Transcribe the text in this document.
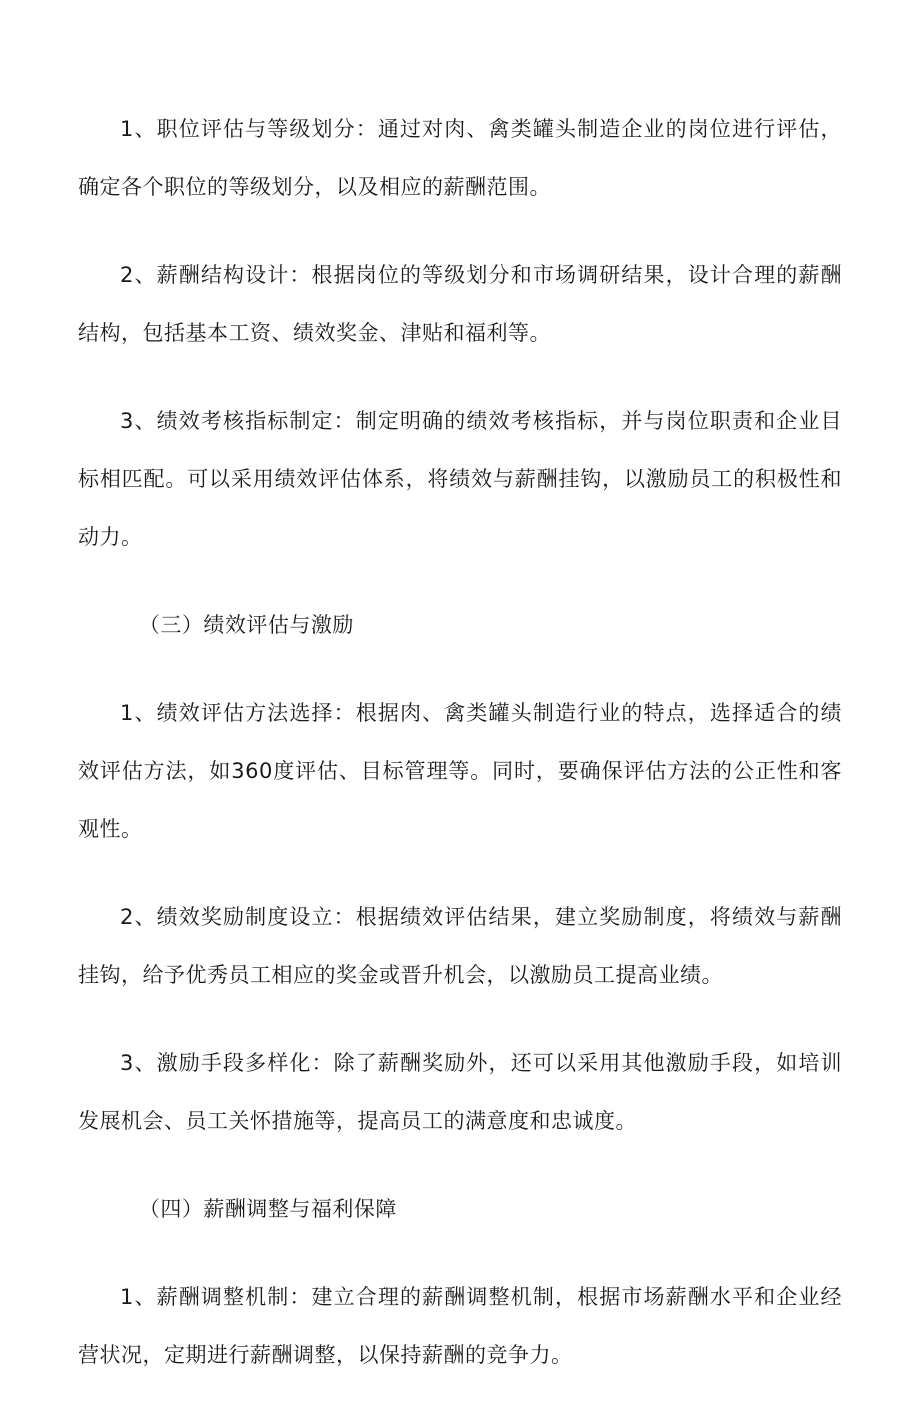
1、职位评估与等级划分：通过对肉、禽类罐头制造企业的岗位进行评估，确定各个职位的等级划分，以及相应的薪酬范围。

2、薪酬结构设计：根据岗位的等级划分和市场调研结果，设计合理的薪酬结构，包括基本工资、绩效奖金、津贴和福利等。

3、绩效考核指标制定：制定明确的绩效考核指标，并与岗位职责和企业目标相匹配。可以采用绩效评估体系，将绩效与薪酬挂钩，以激励员工的积极性和动力。

（三）绩效评估与激励

1、绩效评估方法选择：根据肉、禽类罐头制造行业的特点，选择适合的绩效评估方法，如360度评估、目标管理等。同时，要确保评估方法的公正性和客观性。

2、绩效奖励制度设立：根据绩效评估结果，建立奖励制度，将绩效与薪酬挂钩，给予优秀员工相应的奖金或晋升机会，以激励员工提高业绩。

3、激励手段多样化：除了薪酬奖励外，还可以采用其他激励手段，如培训发展机会、员工关怀措施等，提高员工的满意度和忠诚度。

（四）薪酬调整与福利保障

1、薪酬调整机制：建立合理的薪酬调整机制，根据市场薪酬水平和企业经营状况，定期进行薪酬调整，以保持薪酬的竞争力。
